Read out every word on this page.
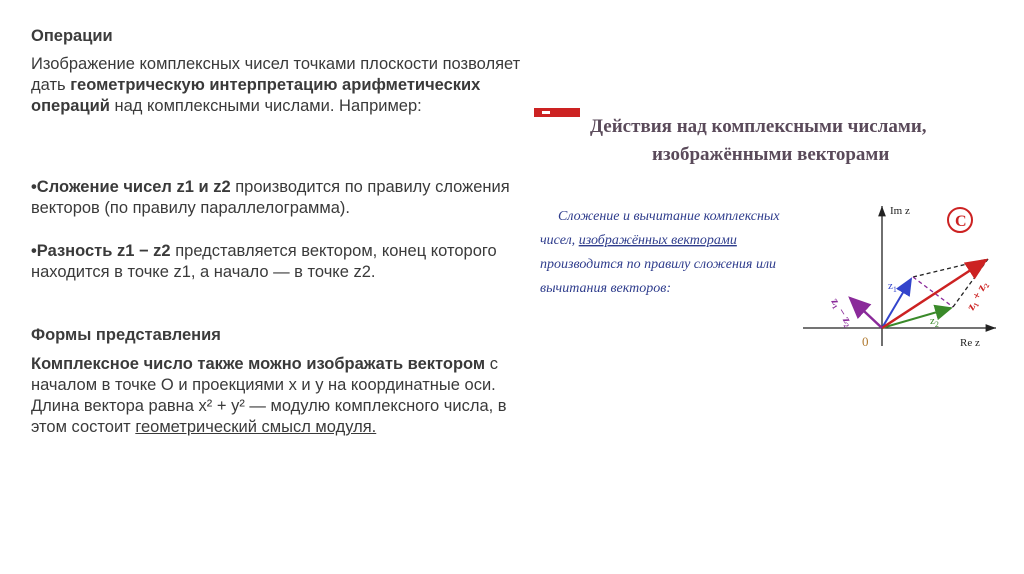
Операции

Изображение комплексных чисел точками плоскости позволяет дать геометрическую интерпретацию арифметических операций над комплексными числами. Например:

•Сложение чисел z1 и z2 производится по правилу сложения векторов (по правилу параллелограмма).

•Разность z1 − z2 представляется вектором, конец которого находится в точке z1, а начало — в точке z2.

Формы представления

Комплексное число также можно изображать вектором с началом в точке O и проекциями x и y на координатные оси. Длина вектора равна x² + y² — модулю комплексного числа, в этом состоит геометрический смысл модуля.

Действия над комплексными числами,
изображёнными векторами
Сложение и вычитание комплексных
чисел, изображённых векторами
производится по правилу сложения или
вычитания векторов:
C
Im z
Re z
0
$z_1$
$z_2$
z₁ + z₂
z₁ − z₂
